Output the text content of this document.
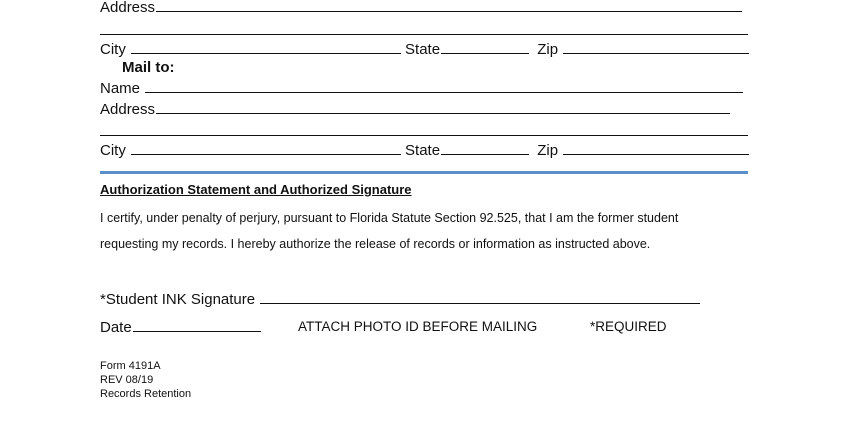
Address
City	State	Zip
Mail to:
Name
Address
City	State	Zip
Authorization Statement and Authorized Signature
I certify, under penalty of perjury, pursuant to Florida Statute Section 92.525, that I am the former student
requesting my records. I hereby authorize the release of records or information as instructed above.
*Student INK Signature
Date	ATTACH PHOTO ID BEFORE MAILING	*REQUIRED
Form 4191A
REV 08/19
Records Retention
